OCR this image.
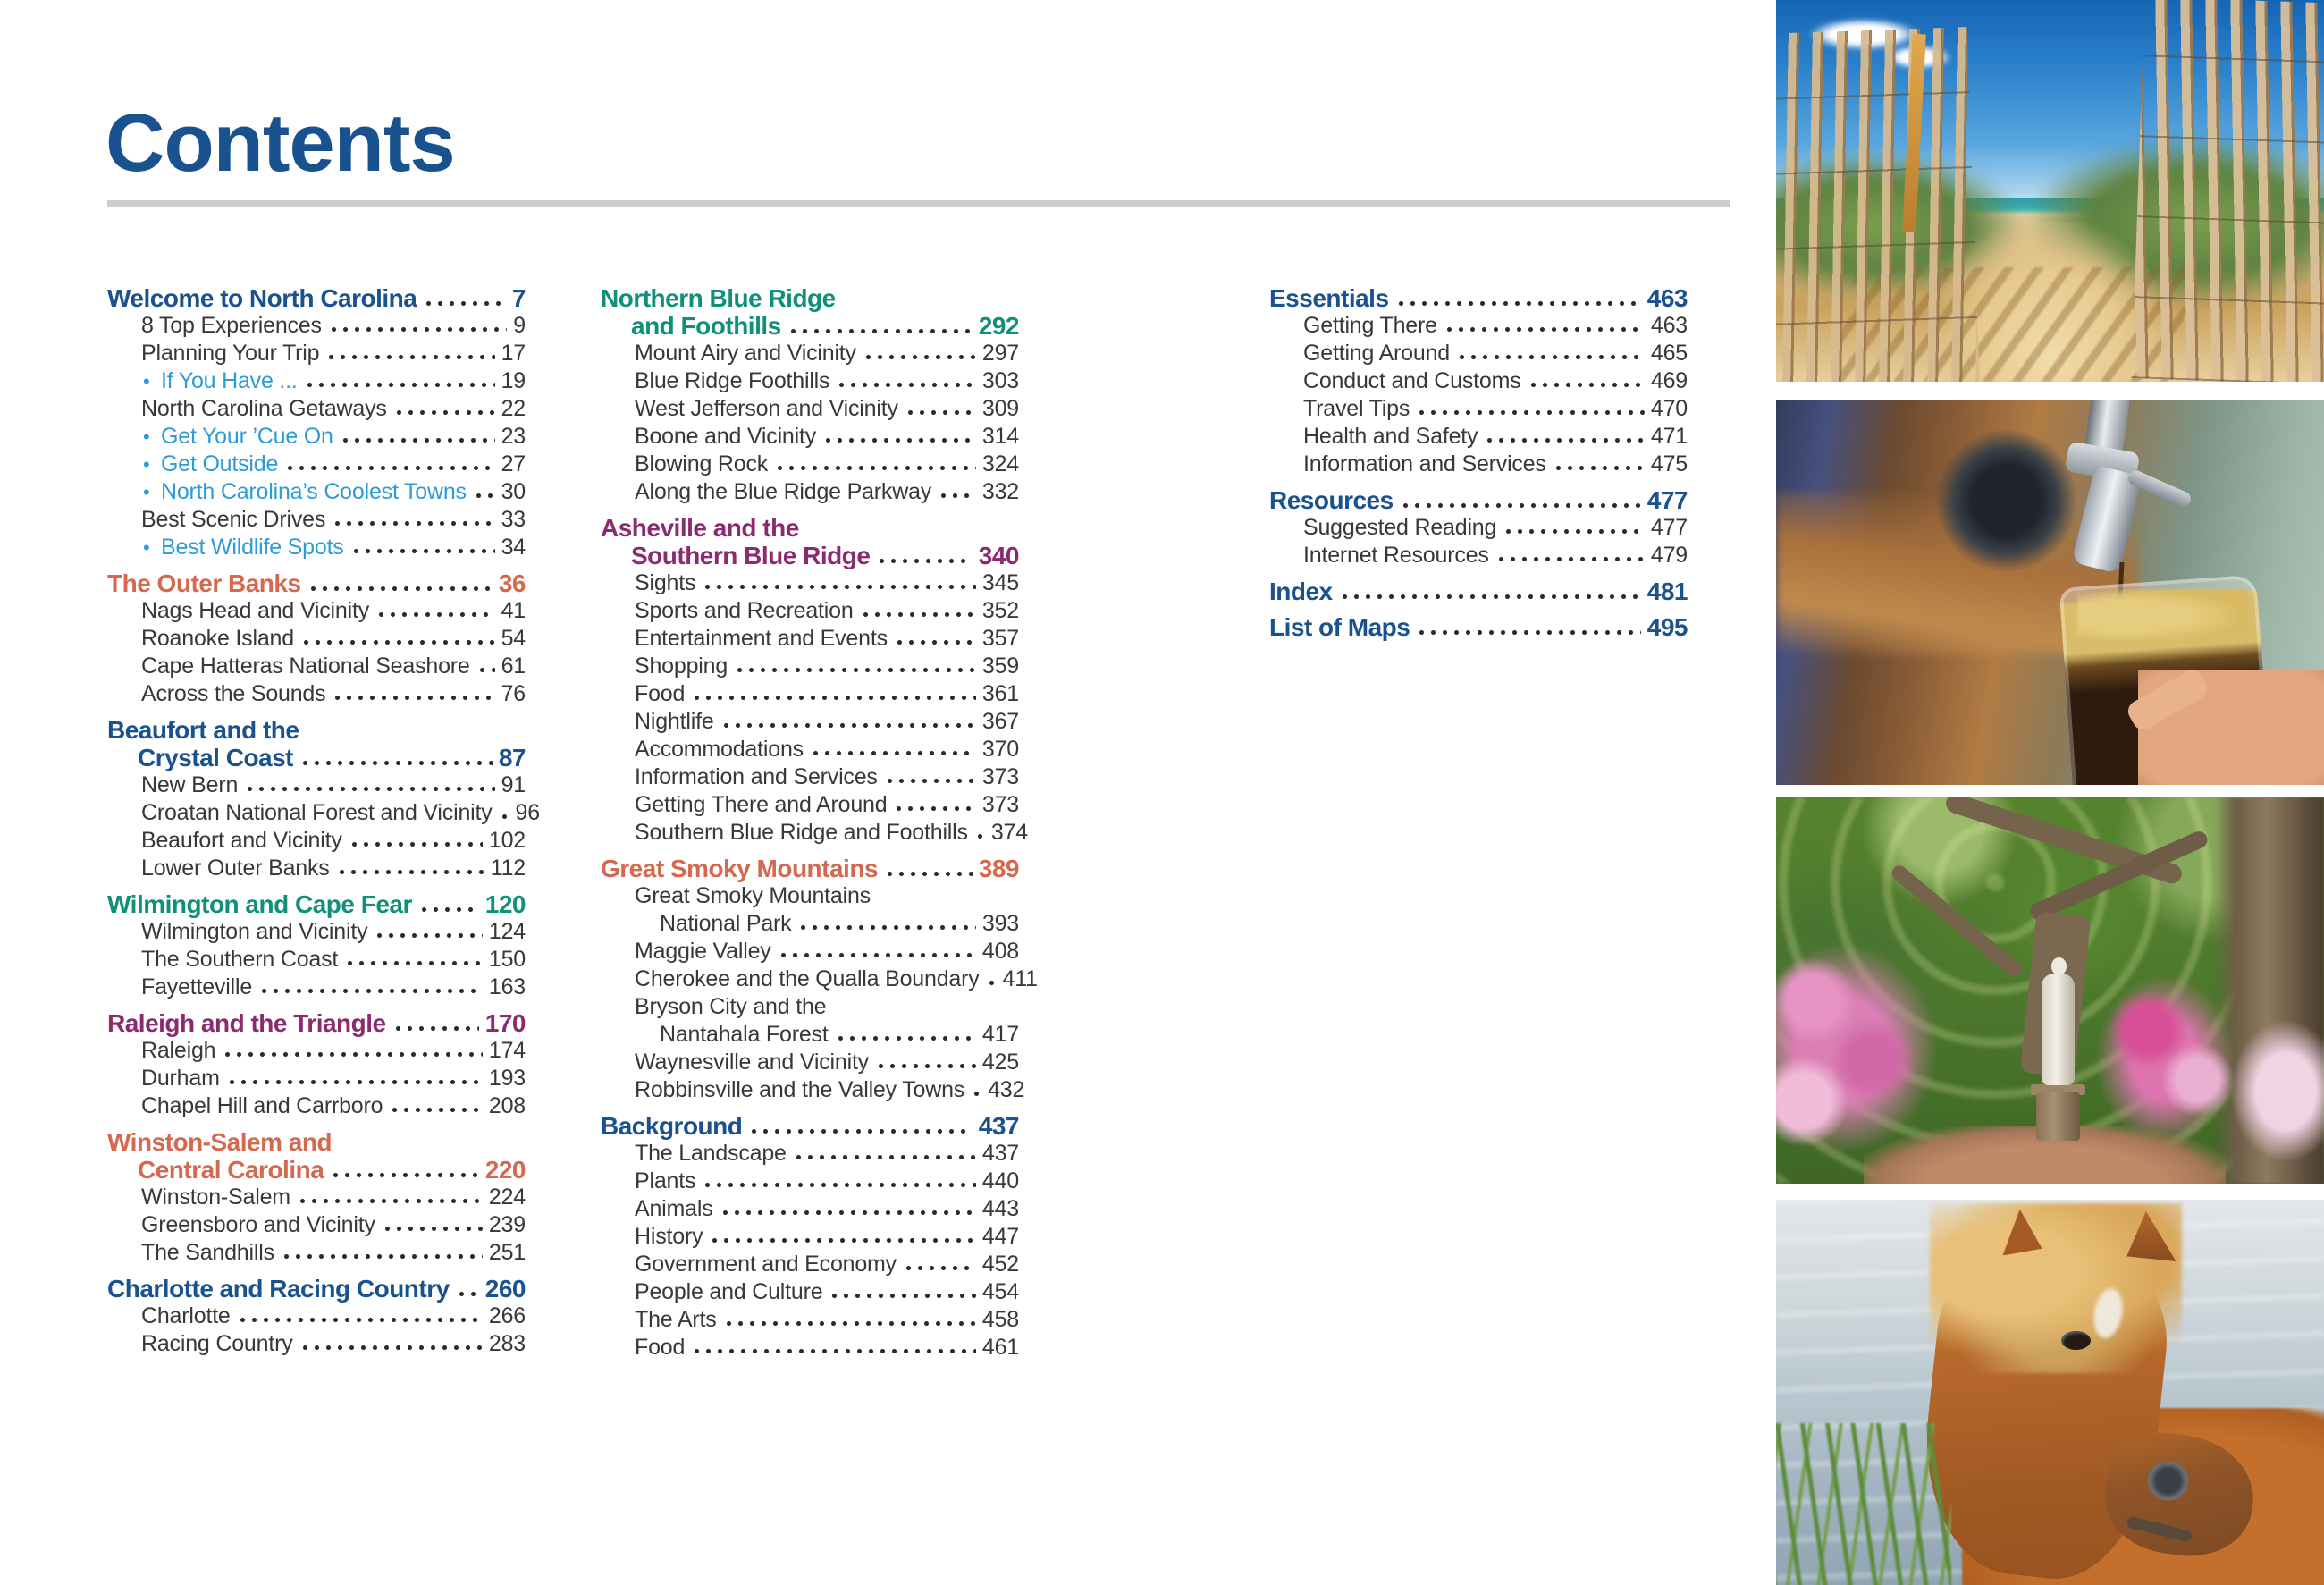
Contents
Welcome to North Carolina	7
8 Top Experiences	9
Planning Your Trip	17
• If You Have ...	19
North Carolina Getaways	22
• Get Your ’Cue On	23
• Get Outside	27
• North Carolina’s Coolest Towns 30
Best Scenic Drives	33
• Best Wildlife Spots	34
The Outer Banks	36
Nags Head and Vicinity	41
Roanoke Island	54
Cape Hatteras National Seashore 61
Across the Sounds	76
Beaufort and the
Crystal Coast	87
New Bern	91
Croatan National Forest and Vicinity 96
Beaufort and Vicinity	102
Lower Outer Banks	112
Wilmington and Cape Fear	120
Wilmington and Vicinity	124
The Southern Coast	150
Fayetteville	163
Raleigh and the Triangle	170
Raleigh	174
Durham	193
Chapel Hill and Carrboro	208
Winston-Salem and
Central Carolina	220
Winston-Salem	224
Greensboro and Vicinity	239
The Sandhills	251
Charlotte and Racing Country 260
Charlotte	266
Racing Country	283
Northern Blue Ridge
and Foothills	292
Mount Airy and Vicinity	297
Blue Ridge Foothills	303
West Jefferson and Vicinity	309
Boone and Vicinity	314
Blowing Rock	324
Along the Blue Ridge Parkway 332
Asheville and the
Southern Blue Ridge	340
Sights	345
Sports and Recreation	352
Entertainment and Events	357
Shopping	359
Food	361
Nightlife	367
Accommodations	370
Information and Services	373
Getting There and Around	373
Southern Blue Ridge and Foothills 374
Great Smoky Mountains	389
Great Smoky Mountains
National Park	393
Maggie Valley	408
Cherokee and the Qualla Boundary 411
Bryson City and the
Nantahala Forest	417
Waynesville and Vicinity	425
Robbinsville and the Valley Towns 432
Background	437
The Landscape	437
Plants	440
Animals	443
History	447
Government and Economy	452
People and Culture	454
The Arts	458
Food	461
Essentials	463
Getting There	463
Getting Around	465
Conduct and Customs	469
Travel Tips	470
Health and Safety	471
Information and Services	475
Resources	477
Suggested Reading	477
Internet Resources	479
Index	481
List of Maps	495
